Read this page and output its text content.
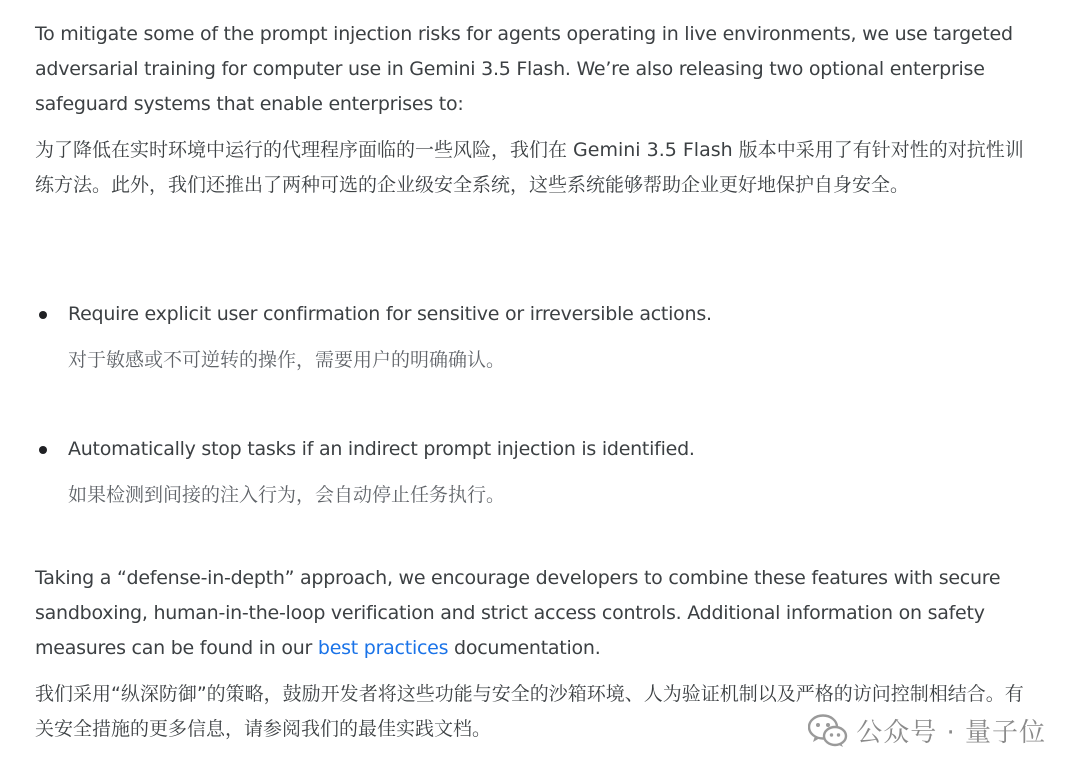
To mitigate some of the prompt injection risks for agents operating in live environments, we use targeted adversarial training for computer use in Gemini 3.5 Flash. We’re also releasing two optional enterprise safeguard systems that enable enterprises to:

为了降低在实时环境中运行的代理程序面临的一些风险，我们在 Gemini 3.5 Flash 版本中采用了有针对性的对抗性训练方法。此外，我们还推出了两种可选的企业级安全系统，这些系统能够帮助企业更好地保护自身安全。

Require explicit user confirmation for sensitive or irreversible actions.

对于敏感或不可逆转的操作，需要用户的明确确认。

Automatically stop tasks if an indirect prompt injection is identified.

如果检测到间接的注入行为，会自动停止任务执行。

Taking a “defense-in-depth” approach, we encourage developers to combine these features with secure sandboxing, human-in-the-loop verification and strict access controls. Additional information on safety measures can be found in our best practices documentation.

我们采用“纵深防御”的策略，鼓励开发者将这些功能与安全的沙箱环境、人为验证机制以及严格的访问控制相结合。有关安全措施的更多信息，请参阅我们的最佳实践文档。	公众号 · 量子位
